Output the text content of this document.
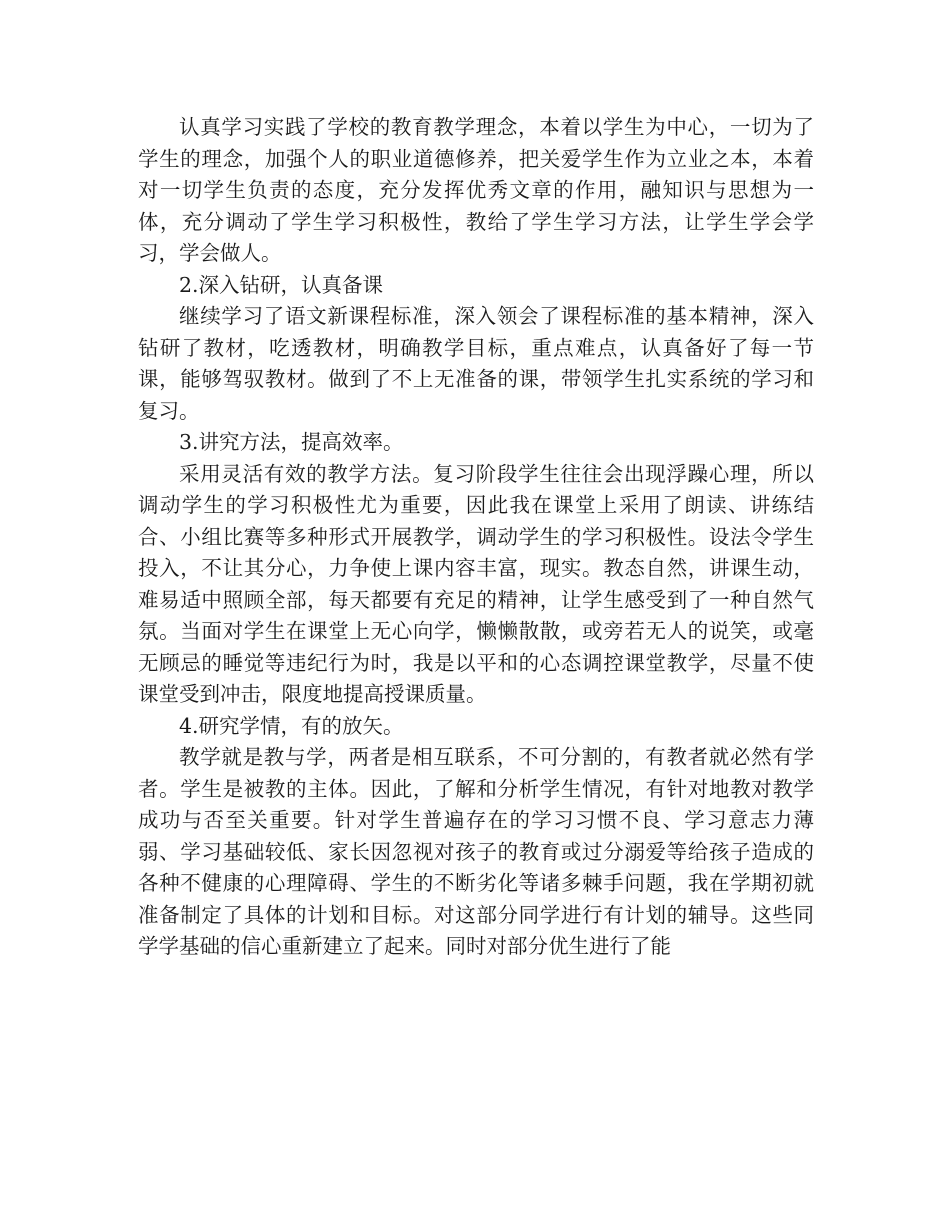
认真学习实践了学校的教育教学理念，本着以学生为中心，一切为了学生的理念，加强个人的职业道德修养，把关爱学生作为立业之本，本着对一切学生负责的态度，充分发挥优秀文章的作用，融知识与思想为一体，充分调动了学生学习积极性，教给了学生学习方法，让学生学会学习，学会做人。

2.深入钻研，认真备课

继续学习了语文新课程标准，深入领会了课程标准的基本精神，深入钻研了教材，吃透教材，明确教学目标，重点难点，认真备好了每一节课，能够驾驭教材。做到了不上无准备的课，带领学生扎实系统的学习和复习。

3.讲究方法，提高效率。

采用灵活有效的教学方法。复习阶段学生往往会出现浮躁心理，所以调动学生的学习积极性尤为重要，因此我在课堂上采用了朗读、讲练结合、小组比赛等多种形式开展教学，调动学生的学习积极性。设法令学生投入，不让其分心，力争使上课内容丰富，现实。教态自然，讲课生动，难易适中照顾全部，每天都要有充足的精神，让学生感受到了一种自然气氛。当面对学生在课堂上无心向学，懒懒散散，或旁若无人的说笑，或毫无顾忌的睡觉等违纪行为时，我是以平和的心态调控课堂教学，尽量不使课堂受到冲击，限度地提高授课质量。

4.研究学情，有的放矢。

教学就是教与学，两者是相互联系，不可分割的，有教者就必然有学者。学生是被教的主体。因此，了解和分析学生情况，有针对地教对教学成功与否至关重要。针对学生普遍存在的学习习惯不良、学习意志力薄弱、学习基础较低、家长因忽视对孩子的教育或过分溺爱等给孩子造成的各种不健康的心理障碍、学生的不断劣化等诸多棘手问题，我在学期初就准备制定了具体的计划和目标。对这部分同学进行有计划的辅导。这些同学学基础的信心重新建立了起来。同时对部分优生进行了能
